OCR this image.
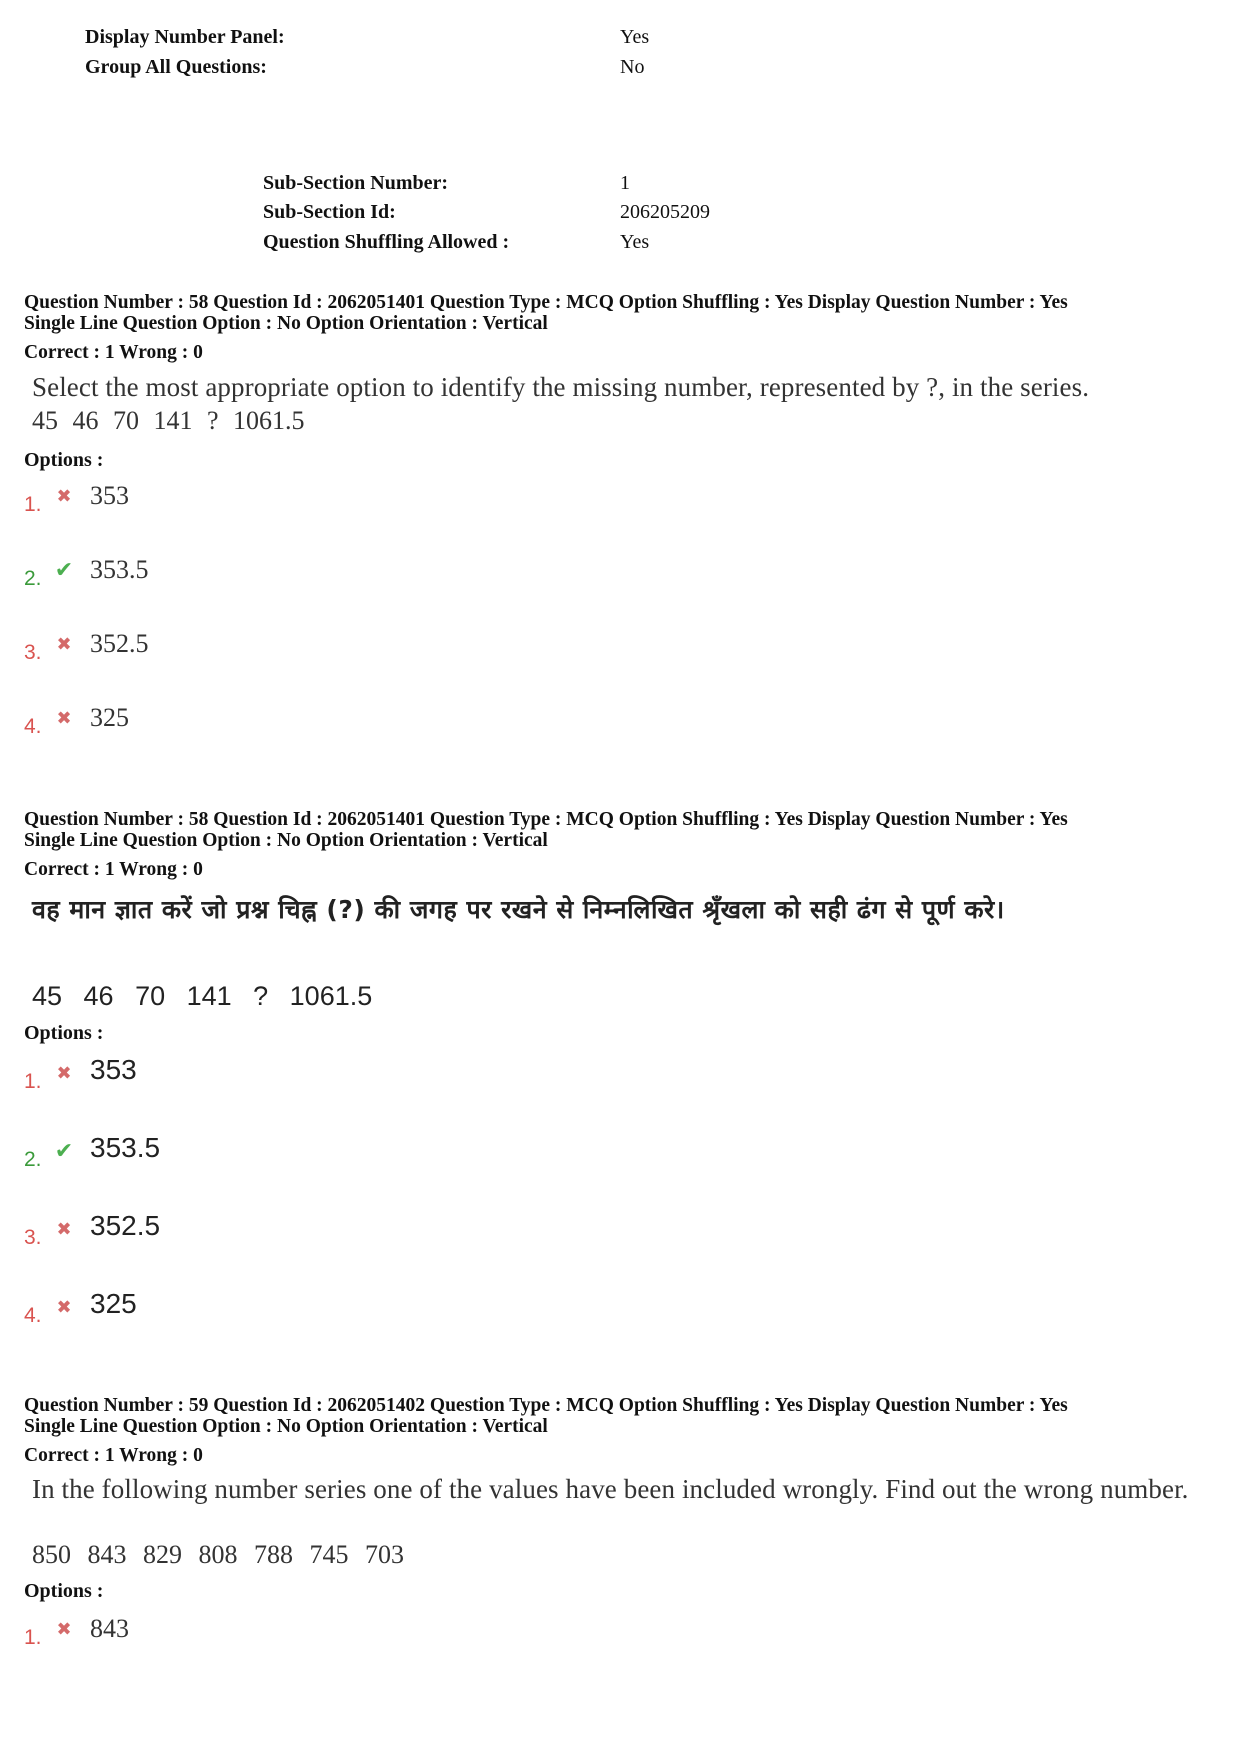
Display Number Panel:	Yes
Group All Questions:	No
Sub-Section Number:	1
Sub-Section Id:	206205209
Question Shuffling Allowed :	Yes
Question Number : 58 Question Id : 2062051401 Question Type : MCQ Option Shuffling : Yes Display Question Number : Yes
Single Line Question Option : No Option Orientation : Vertical
Correct : 1 Wrong : 0
Select the most appropriate option to identify the missing number, represented by ?, in the series.
45 46 70 141 ? 1061.5
Options :
1. ✖ 353
2. ✔ 353.5
3. ✖ 352.5
4. ✖ 325
Question Number : 58 Question Id : 2062051401 Question Type : MCQ Option Shuffling : Yes Display Question Number : Yes
Single Line Question Option : No Option Orientation : Vertical
Correct : 1 Wrong : 0
वह मान ज्ञात करें जो प्रश्न चिह्न (?) की जगह पर रखने से निम्नलिखित श्रृँखला को सही ढंग से पूर्ण करे।
45 46 70 141 ? 1061.5
Options :
1. ✖ 353
2. ✔ 353.5
3. ✖ 352.5
4. ✖ 325
Question Number : 59 Question Id : 2062051402 Question Type : MCQ Option Shuffling : Yes Display Question Number : Yes
Single Line Question Option : No Option Orientation : Vertical
Correct : 1 Wrong : 0
In the following number series one of the values have been included wrongly. Find out the wrong number.
850 843 829 808 788 745 703
Options :
1. ✖ 843
